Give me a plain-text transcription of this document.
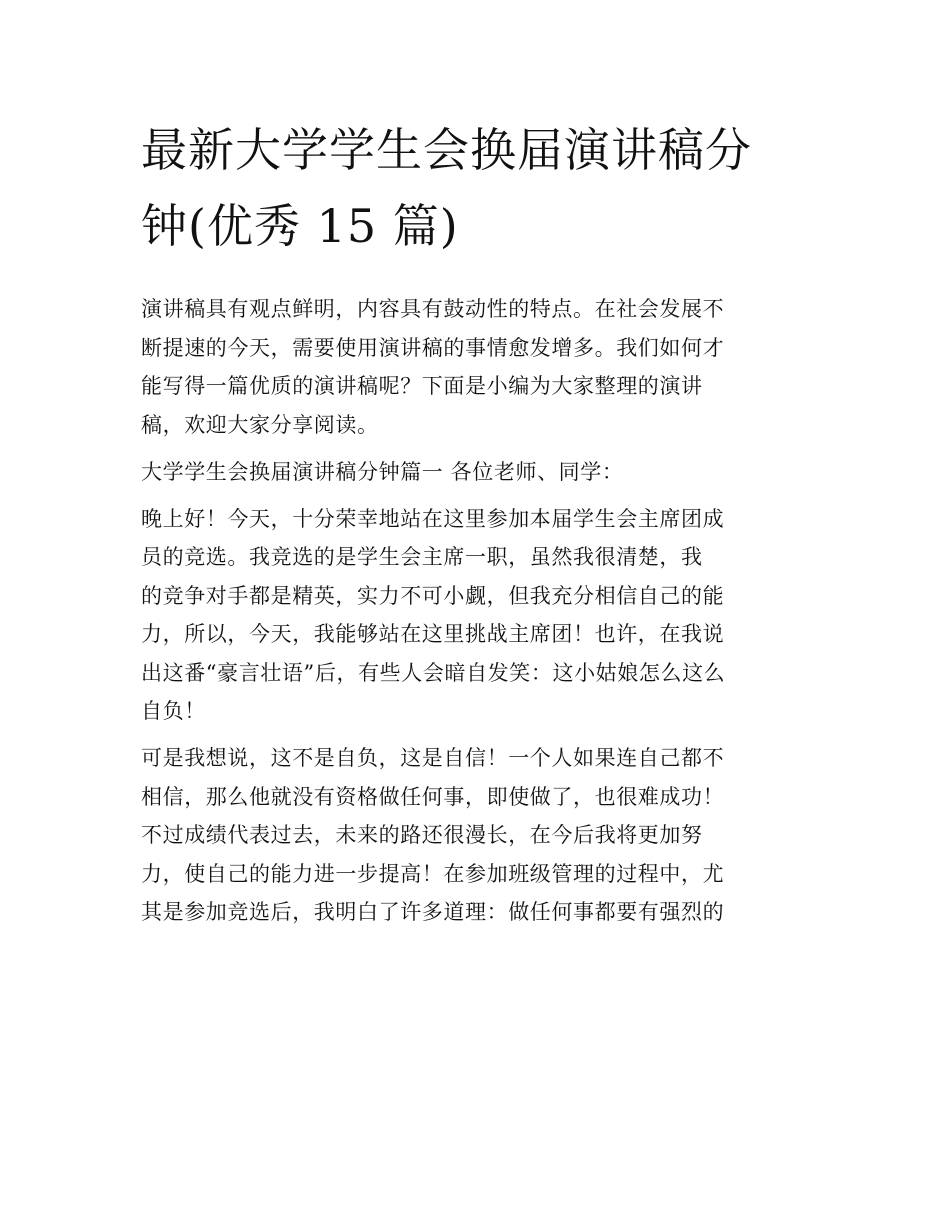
最新大学学生会换届演讲稿分
钟(优秀 15 篇)
演讲稿具有观点鲜明，内容具有鼓动性的特点。在社会发展不
断提速的今天，需要使用演讲稿的事情愈发增多。我们如何才
能写得一篇优质的演讲稿呢？下面是小编为大家整理的演讲
稿，欢迎大家分享阅读。
大学学生会换届演讲稿分钟篇一 各位老师、同学：
晚上好！今天，十分荣幸地站在这里参加本届学生会主席团成
员的竞选。我竞选的是学生会主席一职，虽然我很清楚，我
的竞争对手都是精英，实力不可小觑，但我充分相信自己的能
力，所以，今天，我能够站在这里挑战主席团！也许，在我说
出这番“豪言壮语”后，有些人会暗自发笑：这小姑娘怎么这么
自负！
可是我想说，这不是自负，这是自信！一个人如果连自己都不
相信，那么他就没有资格做任何事，即使做了，也很难成功！
不过成绩代表过去，未来的路还很漫长，在今后我将更加努
力，使自己的能力进一步提高！在参加班级管理的过程中，尤
其是参加竞选后，我明白了许多道理：做任何事都要有强烈的
